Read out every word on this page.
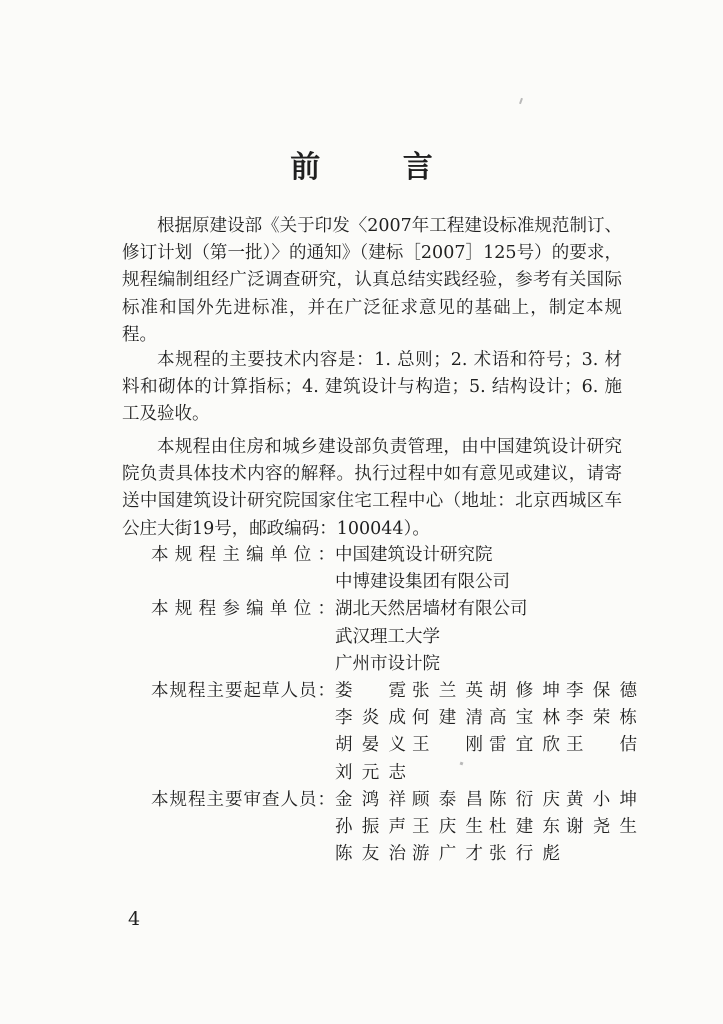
前 言

根据原建设部《关于印发〈2007年工程建设标准规范制订、修订计划（第一批）〉的通知》（建标［2007］125号）的要求，规程编制组经广泛调查研究，认真总结实践经验，参考有关国际标准和国外先进标准，并在广泛征求意见的基础上，制定本规程。

本规程的主要技术内容是：1. 总则；2. 术语和符号；3. 材料和砌体的计算指标；4. 建筑设计与构造；5. 结构设计；6. 施工及验收。

本规程由住房和城乡建设部负责管理，由中国建筑设计研究院负责具体技术内容的解释。执行过程中如有意见或建议，请寄送中国建筑设计研究院国家住宅工程中心（地址：北京西城区车公庄大街19号，邮政编码：100044）。

本规程主编单位： 中国建筑设计研究院
中博建设集团有限公司
本规程参编单位： 湖北天然居墙材有限公司
武汉理工大学
广州市设计院
本规程主要起草人员： 娄 霓 张兰英 胡修坤 李保德
李炎成 何建清 高宝林 李荣栋
胡晏义 王 刚 雷宜欣 王 佶
刘元志
本规程主要审查人员： 金鸿祥 顾泰昌 陈衍庆 黄小坤
孙振声 王庆生 杜建东 谢尧生
陈友治 游广才 张行彪
4
